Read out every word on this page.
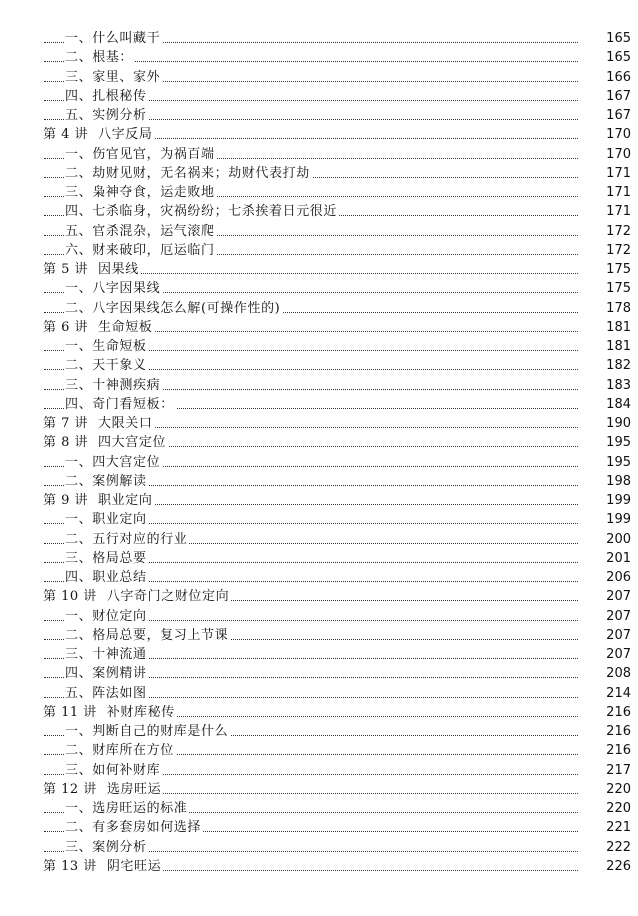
一、什么叫藏干	165
二、根基：	165
三、家里、家外	166
四、扎根秘传	167
五、实例分析	167
第 4 讲 八字反局	170
一、伤官见官，为祸百端	170
二、劫财见财，无名祸来；劫财代表打劫	171
三、枭神夺食，运走败地	171
四、七杀临身，灾祸纷纷；七杀挨着日元很近	171
五、官杀混杂，运气滚爬	172
六、财来破印，厄运临门	172
第 5 讲 因果线	175
一、八字因果线	175
二、八字因果线怎么解(可操作性的)	178
第 6 讲 生命短板	181
一、生命短板	181
二、天干象义	182
三、十神测疾病	183
四、奇门看短板：	184
第 7 讲 大限关口	190
第 8 讲 四大宫定位	195
一、四大宫定位	195
二、案例解读	198
第 9 讲 职业定向	199
一、职业定向	199
二、五行对应的行业	200
三、格局总要	201
四、职业总结	206
第 10 讲 八字奇门之财位定向	207
一、财位定向	207
二、格局总要，复习上节课	207
三、十神流通	207
四、案例精讲	208
五、阵法如图	214
第 11 讲 补财库秘传	216
一、判断自己的财库是什么	216
二、财库所在方位	216
三、如何补财库	217
第 12 讲 选房旺运	220
一、选房旺运的标准	220
二、有多套房如何选择	221
三、案例分析	222
第 13 讲 阴宅旺运	226
